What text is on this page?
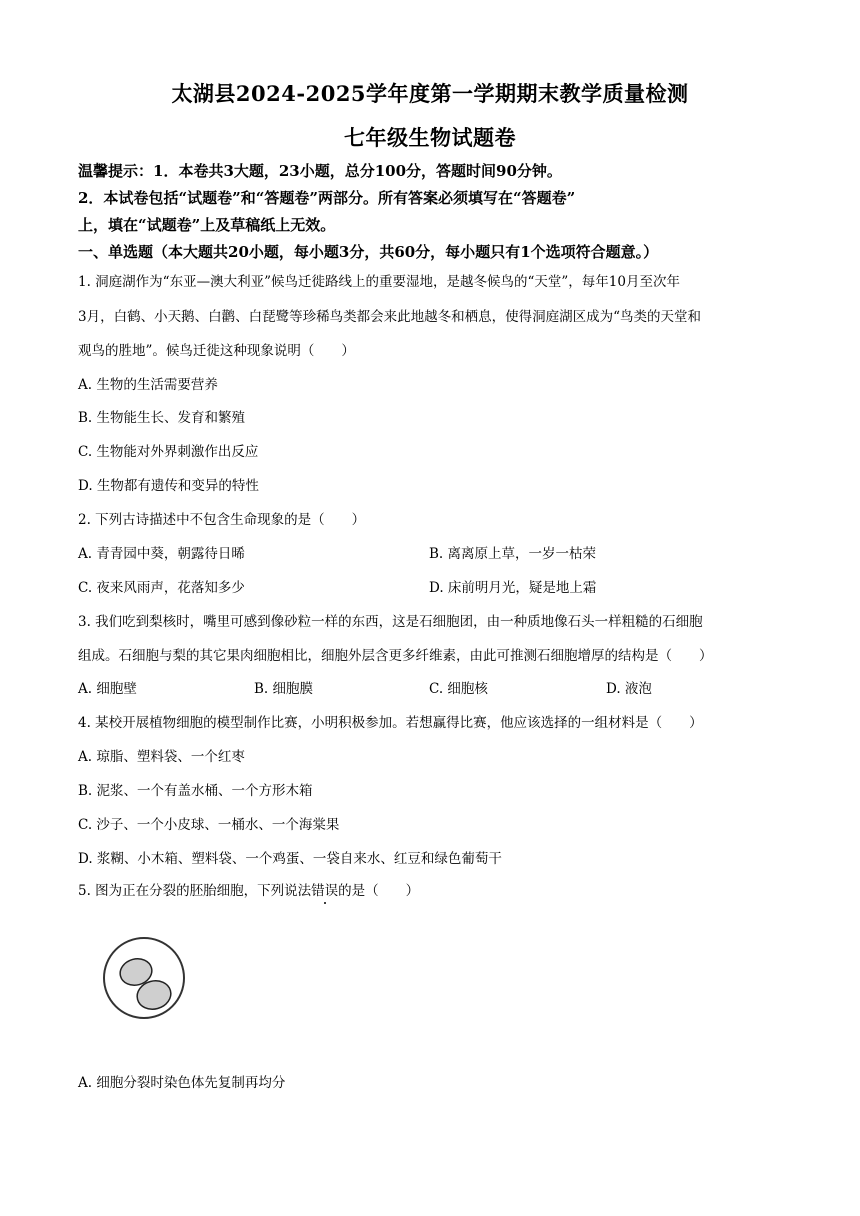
太湖县2024-2025学年度第一学期期末教学质量检测
七年级生物试题卷
温馨提示：1．本卷共3大题，23小题，总分100分，答题时间90分钟。
2．本试卷包括“试题卷”和“答题卷”两部分。所有答案必须填写在“答题卷”
上，填在“试题卷”上及草稿纸上无效。
一、单选题（本大题共20小题，每小题3分，共60分，每小题只有1个选项符合题意。）
1. 洞庭湖作为“东亚—澳大利亚”候鸟迁徙路线上的重要湿地，是越冬候鸟的“天堂”，每年10月至次年
3月，白鹤、小天鹅、白鹳、白琵鹭等珍稀鸟类都会来此地越冬和栖息，使得洞庭湖区成为“鸟类的天堂和
观鸟的胜地”。候鸟迁徙这种现象说明（　　）
A. 生物的生活需要营养
B. 生物能生长、发育和繁殖
C. 生物能对外界刺激作出反应
D. 生物都有遗传和变异的特性
2. 下列古诗描述中不包含生命现象的是（　　）
A. 青青园中葵，朝露待日晞	B. 离离原上草，一岁一枯荣
C. 夜来风雨声，花落知多少	D. 床前明月光，疑是地上霜
3. 我们吃到梨核时，嘴里可感到像砂粒一样的东西，这是石细胞团，由一种质地像石头一样粗糙的石细胞
组成。石细胞与梨的其它果肉细胞相比，细胞外层含更多纤维素，由此可推测石细胞增厚的结构是（　　）
A. 细胞壁	B. 细胞膜	C. 细胞核	D. 液泡
4. 某校开展植物细胞的模型制作比赛，小明积极参加。若想赢得比赛，他应该选择的一组材料是（　　）
A. 琼脂、塑料袋、一个红枣
B. 泥浆、一个有盖水桶、一个方形木箱
C. 沙子、一个小皮球、一桶水、一个海棠果
D. 浆糊、小木箱、塑料袋、一个鸡蛋、一袋自来水、红豆和绿色葡萄干
5. 图为正在分裂的胚胎细胞，下列说法错误的是（　　）
A. 细胞分裂时染色体先复制再均分
